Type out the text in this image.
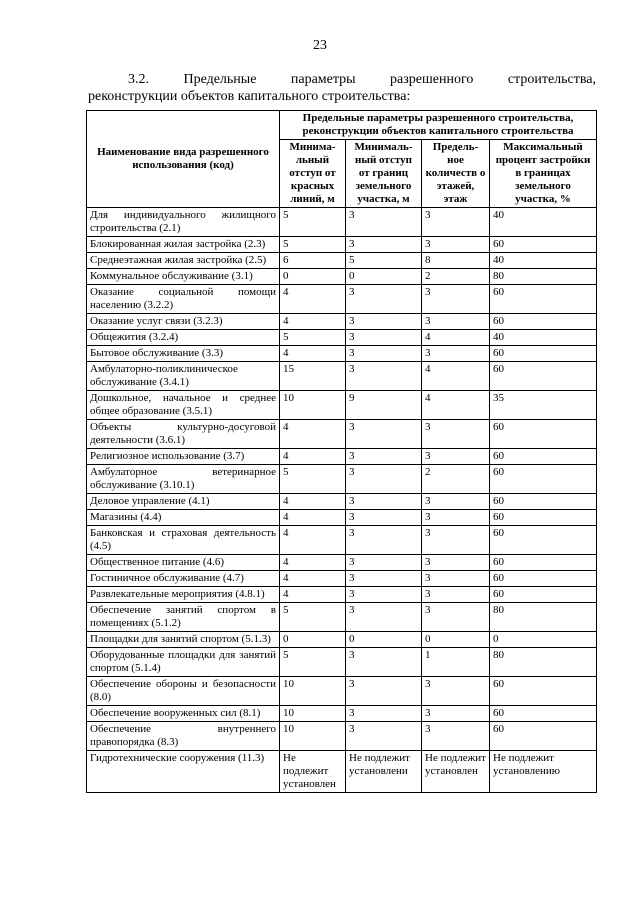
23
3.2. Предельные параметры разрешенного строительства,
реконструкции объектов капитального строительства:
Наименование вида разрешенного использования (код)	Предельные параметры разрешенного строительства, реконструкции объектов капитального строительства			
	Минима-льный отступ от красных линий, м	Минималь-ный отступ от границ земельного участка, м	Предель-ное количеств о этажей, этаж	Максимальный процент застройки в границах земельного участка, %
Для индивидуального жилищного строительства (2.1)	5	3	3	40
Блокированная жилая застройка (2.3)	5	3	3	60
Среднеэтажная жилая застройка (2.5)	6	5	8	40
Коммунальное обслуживание (3.1)	0	0	2	80
Оказание социальной помощи населению (3.2.2)	4	3	3	60
Оказание услуг связи (3.2.3)	4	3	3	60
Общежития (3.2.4)	5	3	4	40
Бытовое обслуживание (3.3)	4	3	3	60
Амбулаторно-поликлиническое обслуживание (3.4.1)	15	3	4	60
Дошкольное, начальное и среднее общее образование (3.5.1)	10	9	4	35
Объекты культурно-досуговой деятельности (3.6.1)	4	3	3	60
Религиозное использование (3.7)	4	3	3	60
Амбулаторное ветеринарное обслуживание (3.10.1)	5	3	2	60
Деловое управление (4.1)	4	3	3	60
Магазины (4.4)	4	3	3	60
Банковская и страховая деятельность (4.5)	4	3	3	60
Общественное питание (4.6)	4	3	3	60
Гостиничное обслуживание (4.7)	4	3	3	60
Развлекательные мероприятия (4.8.1)	4	3	3	60
Обеспечение занятий спортом в помещениях (5.1.2)	5	3	3	80
Площадки для занятий спортом (5.1.3)	0	0	0	0
Оборудованные площадки для занятий спортом (5.1.4)	5	3	1	80
Обеспечение обороны и безопасности (8.0)	10	3	3	60
Обеспечение вооруженных сил (8.1)	10	3	3	60
Обеспечение внутреннего правопорядка (8.3)	10	3	3	60
Гидротехнические сооружения (11.3)	Не подлежит установлен	Не подлежит установлени	Не подлежит установлен	Не подлежит установлению
